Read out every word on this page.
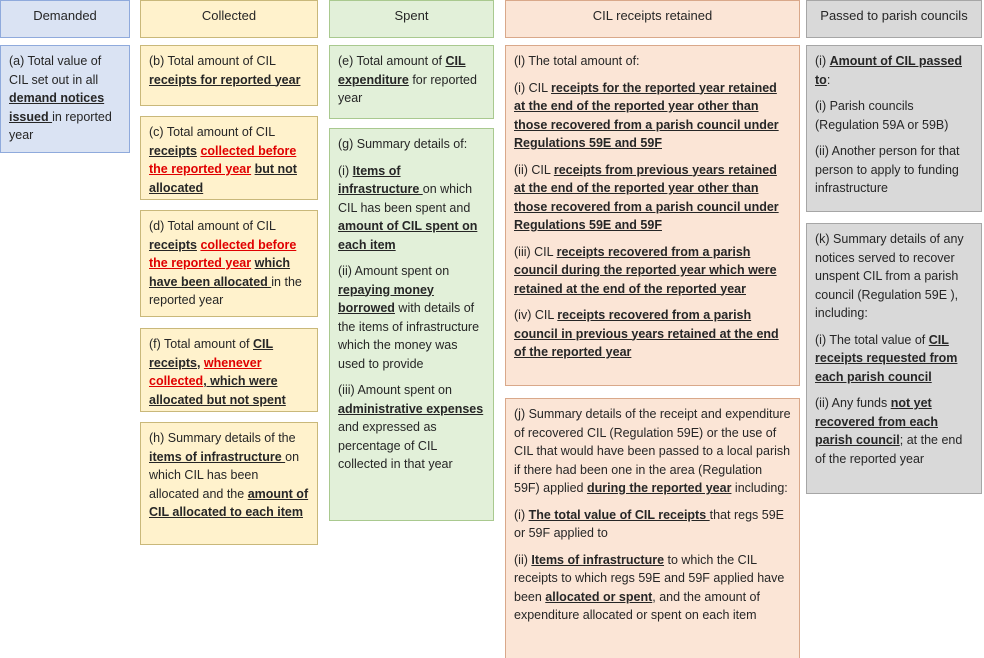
Demanded	Collected	Spent	CIL receipts retained	Passed to parish councils
(a) Total value of CIL set out in all demand notices issued in reported year
(b) Total amount of CIL receipts for reported year
(c) Total amount of CIL receipts collected before the reported year but not allocated
(d) Total amount of CIL receipts collected before the reported year which have been allocated in the reported year
(f) Total amount of CIL receipts, whenever collected, which were allocated but not spent
(h) Summary details of the items of infrastructure on which CIL has been allocated and the amount of CIL allocated to each item
(e) Total amount of CIL expenditure for reported year

(g) Summary details of:

(i) Items of infrastructure on which CIL has been spent and amount of CIL spent on each item

(ii) Amount spent on repaying money borrowed with details of the items of infrastructure which the money was used to provide

(iii) Amount spent on administrative expenses and expressed as percentage of CIL collected in that year

(l) The total amount of:

(i) CIL receipts for the reported year retained at the end of the reported year other than those recovered from a parish council under Regulations 59E and 59F

(ii) CIL receipts from previous years retained at the end of the reported year other than those recovered from a parish council under Regulations 59E and 59F

(iii) CIL receipts recovered from a parish council during the reported year which were retained at the end of the reported year

(iv) CIL receipts recovered from a parish council in previous years retained at the end of the reported year

(j) Summary details of the receipt and expenditure of recovered CIL (Regulation 59E) or the use of CIL that would have been passed to a local parish if there had been one in the area (Regulation 59F) applied during the reported year including:

(i) The total value of CIL receipts that regs 59E or 59F applied to

(ii) Items of infrastructure to which the CIL receipts to which regs 59E and 59F applied have been allocated or spent, and the amount of expenditure allocated or spent on each item

(i) Amount of CIL passed to:

(i) Parish councils (Regulation 59A or 59B)

(ii) Another person for that person to apply to funding infrastructure

(k) Summary details of any notices served to recover unspent CIL from a parish council (Regulation 59E ), including:

(i) The total value of CIL receipts requested from each parish council

(ii) Any funds not yet recovered from each parish council; at the end of the reported year
